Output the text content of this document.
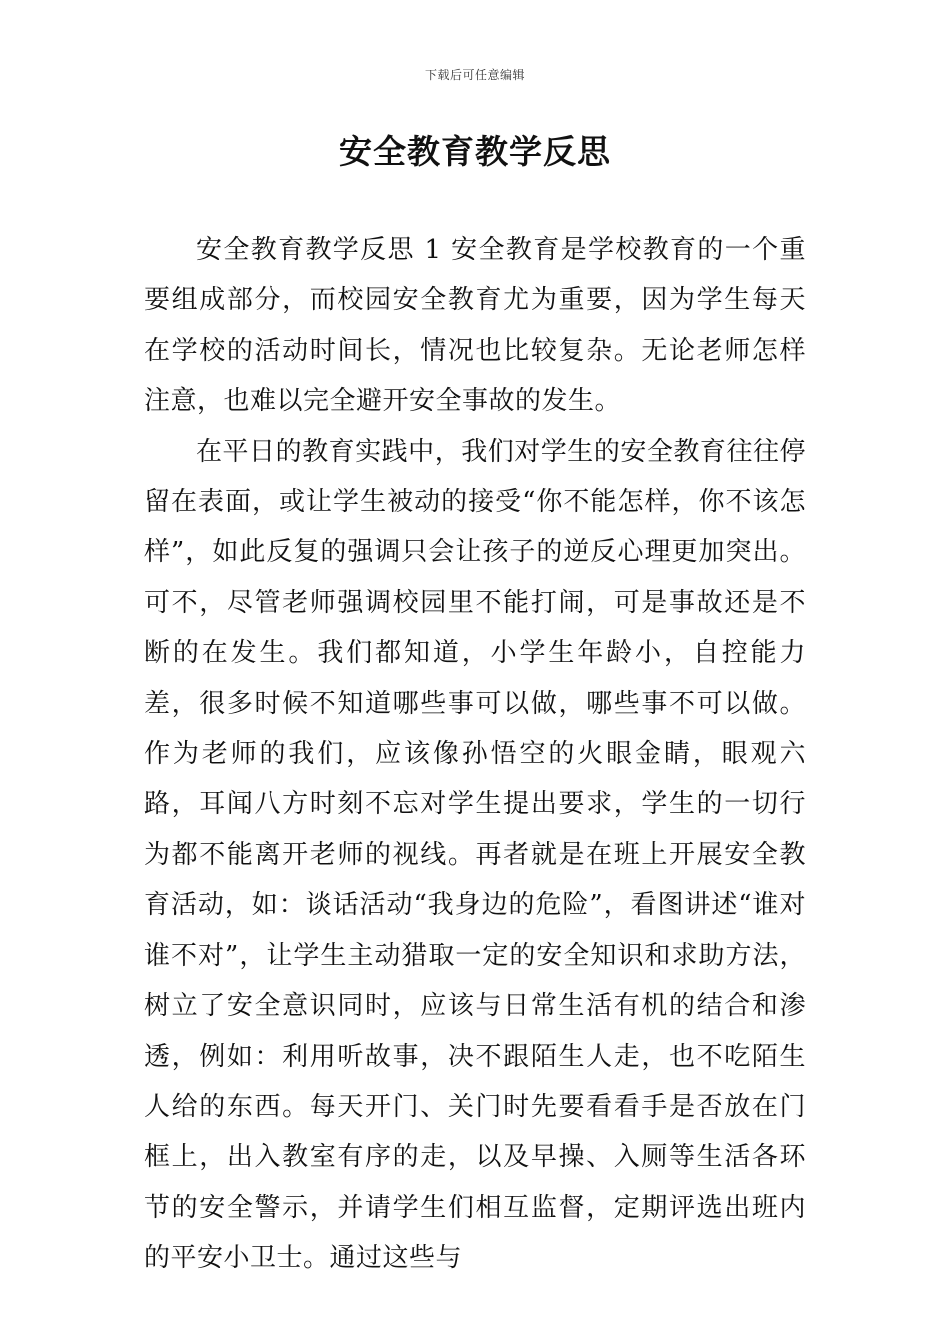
下载后可任意编辑
安全教育教学反思

安全教育教学反思 1 安全教育是学校教育的一个重要组成部分，而校园安全教育尤为重要，因为学生每天在学校的活动时间长，情况也比较复杂。无论老师怎样注意，也难以完全避开安全事故的发生。

在平日的教育实践中，我们对学生的安全教育往往停留在表面，或让学生被动的接受“你不能怎样，你不该怎样”，如此反复的强调只会让孩子的逆反心理更加突出。可不，尽管老师强调校园里不能打闹，可是事故还是不断的在发生。我们都知道，小学生年龄小，自控能力差，很多时候不知道哪些事可以做，哪些事不可以做。作为老师的我们，应该像孙悟空的火眼金睛，眼观六路，耳闻八方时刻不忘对学生提出要求，学生的一切行为都不能离开老师的视线。再者就是在班上开展安全教育活动，如：谈话活动“我身边的危险”，看图讲述“谁对谁不对”，让学生主动猎取一定的安全知识和求助方法，树立了安全意识同时，应该与日常生活有机的结合和渗透，例如：利用听故事，决不跟陌生人走，也不吃陌生人给的东西。每天开门、关门时先要看看手是否放在门框上，出入教室有序的走，以及早操、入厕等生活各环节的安全警示，并请学生们相互监督，定期评选出班内的平安小卫士。通过这些与
